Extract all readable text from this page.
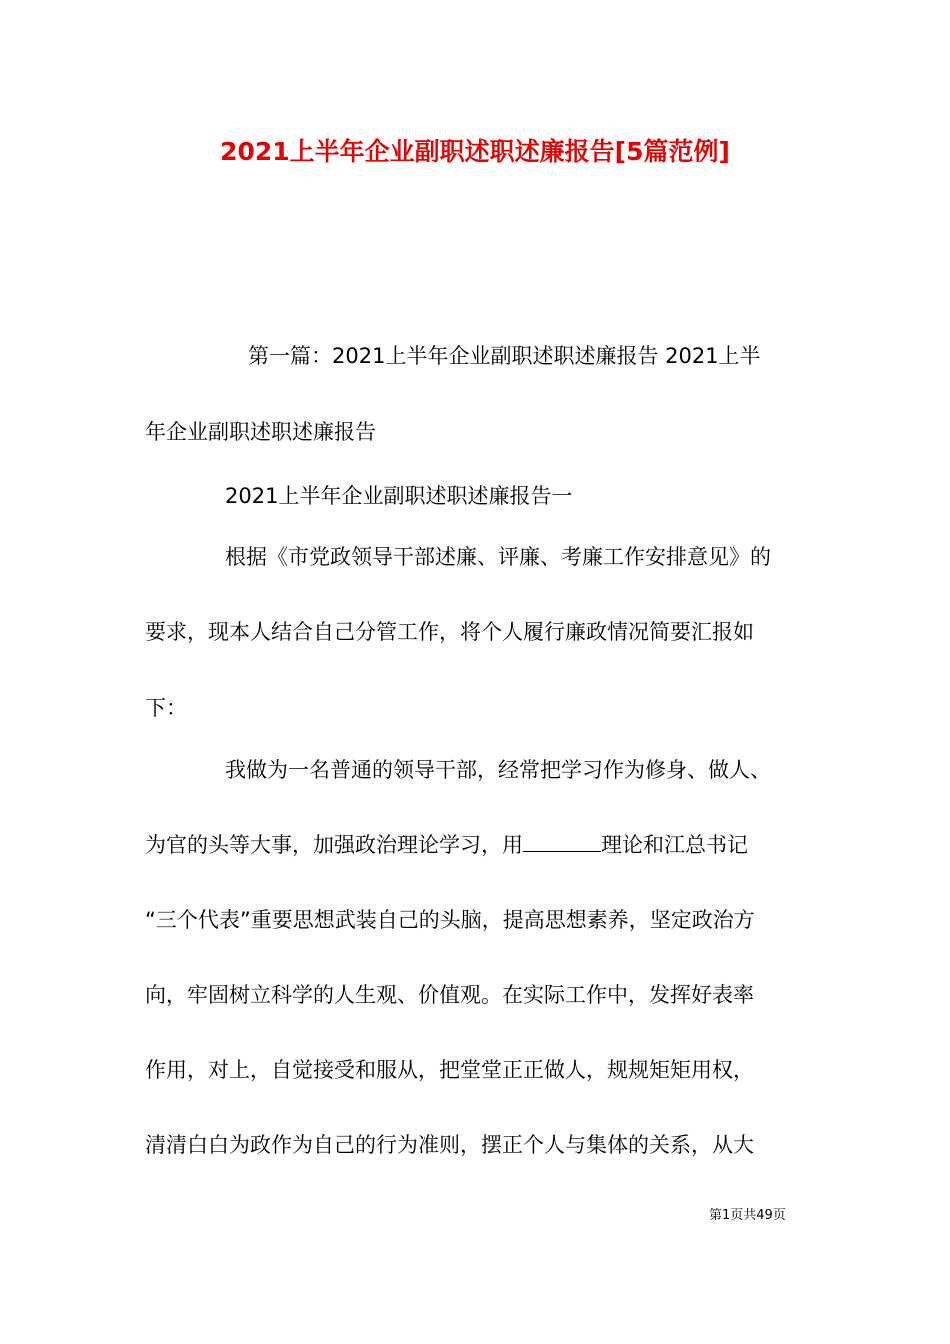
2021上半年企业副职述职述廉报告[5篇范例]
第一篇：2021上半年企业副职述职述廉报告 2021上半
年企业副职述职述廉报告
2021上半年企业副职述职述廉报告一
根据《市党政领导干部述廉、评廉、考廉工作安排意见》的
要求，现本人结合自己分管工作，将个人履行廉政情况简要汇报如
下：
我做为一名普通的领导干部，经常把学习作为修身、做人、
为官的头等大事，加强政治理论学习，用	理论和江总书记
“三个代表”重要思想武装自己的头脑，提高思想素养，坚定政治方
向，牢固树立科学的人生观、价值观。在实际工作中，发挥好表率
作用，对上，自觉接受和服从，把堂堂正正做人，规规矩矩用权，
清清白白为政作为自己的行为准则，摆正个人与集体的关系，从大
第1页共49页
